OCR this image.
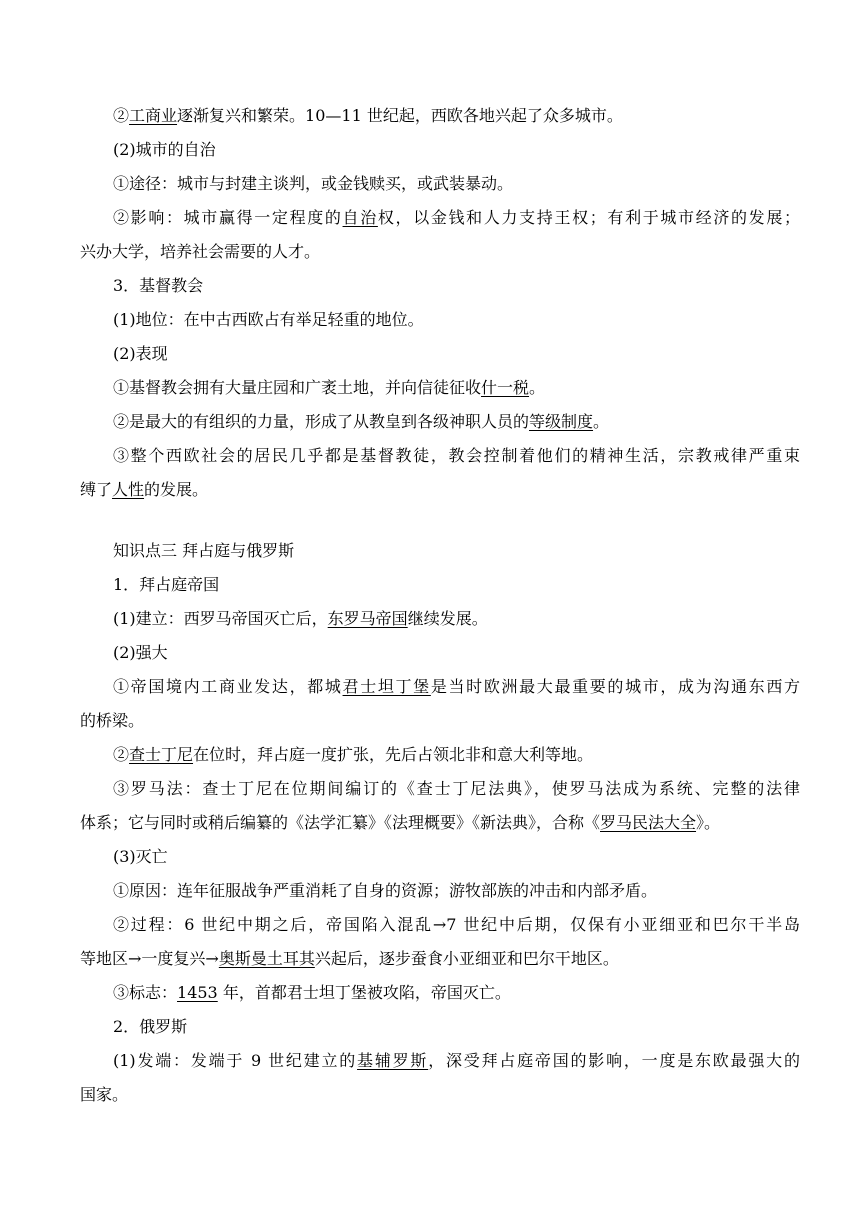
②工商业逐渐复兴和繁荣。10—11 世纪起，西欧各地兴起了众多城市。
(2)城市的自治
①途径：城市与封建主谈判，或金钱赎买，或武装暴动。
②影响：城市赢得一定程度的自治权，以金钱和人力支持王权；有利于城市经济的发展；
兴办大学，培养社会需要的人才。
3．基督教会
(1)地位：在中古西欧占有举足轻重的地位。
(2)表现
①基督教会拥有大量庄园和广袤土地，并向信徒征收什一税。
②是最大的有组织的力量，形成了从教皇到各级神职人员的等级制度。
③整个西欧社会的居民几乎都是基督教徒，教会控制着他们的精神生活，宗教戒律严重束
缚了人性的发展。
知识点三 拜占庭与俄罗斯
1．拜占庭帝国
(1)建立：西罗马帝国灭亡后，东罗马帝国继续发展。
(2)强大
①帝国境内工商业发达，都城君士坦丁堡是当时欧洲最大最重要的城市，成为沟通东西方
的桥梁。
②查士丁尼在位时，拜占庭一度扩张，先后占领北非和意大利等地。
③罗马法：查士丁尼在位期间编订的《查士丁尼法典》，使罗马法成为系统、完整的法律
体系；它与同时或稍后编纂的《法学汇纂》《法理概要》《新法典》，合称《罗马民法大全》。
(3)灭亡
①原因：连年征服战争严重消耗了自身的资源；游牧部族的冲击和内部矛盾。
②过程：6 世纪中期之后，帝国陷入混乱→7 世纪中后期，仅保有小亚细亚和巴尔干半岛
等地区→一度复兴→奥斯曼土耳其兴起后，逐步蚕食小亚细亚和巴尔干地区。
③标志：1453 年，首都君士坦丁堡被攻陷，帝国灭亡。
2．俄罗斯
(1)发端：发端于 9 世纪建立的基辅罗斯，深受拜占庭帝国的影响，一度是东欧最强大的
国家。
